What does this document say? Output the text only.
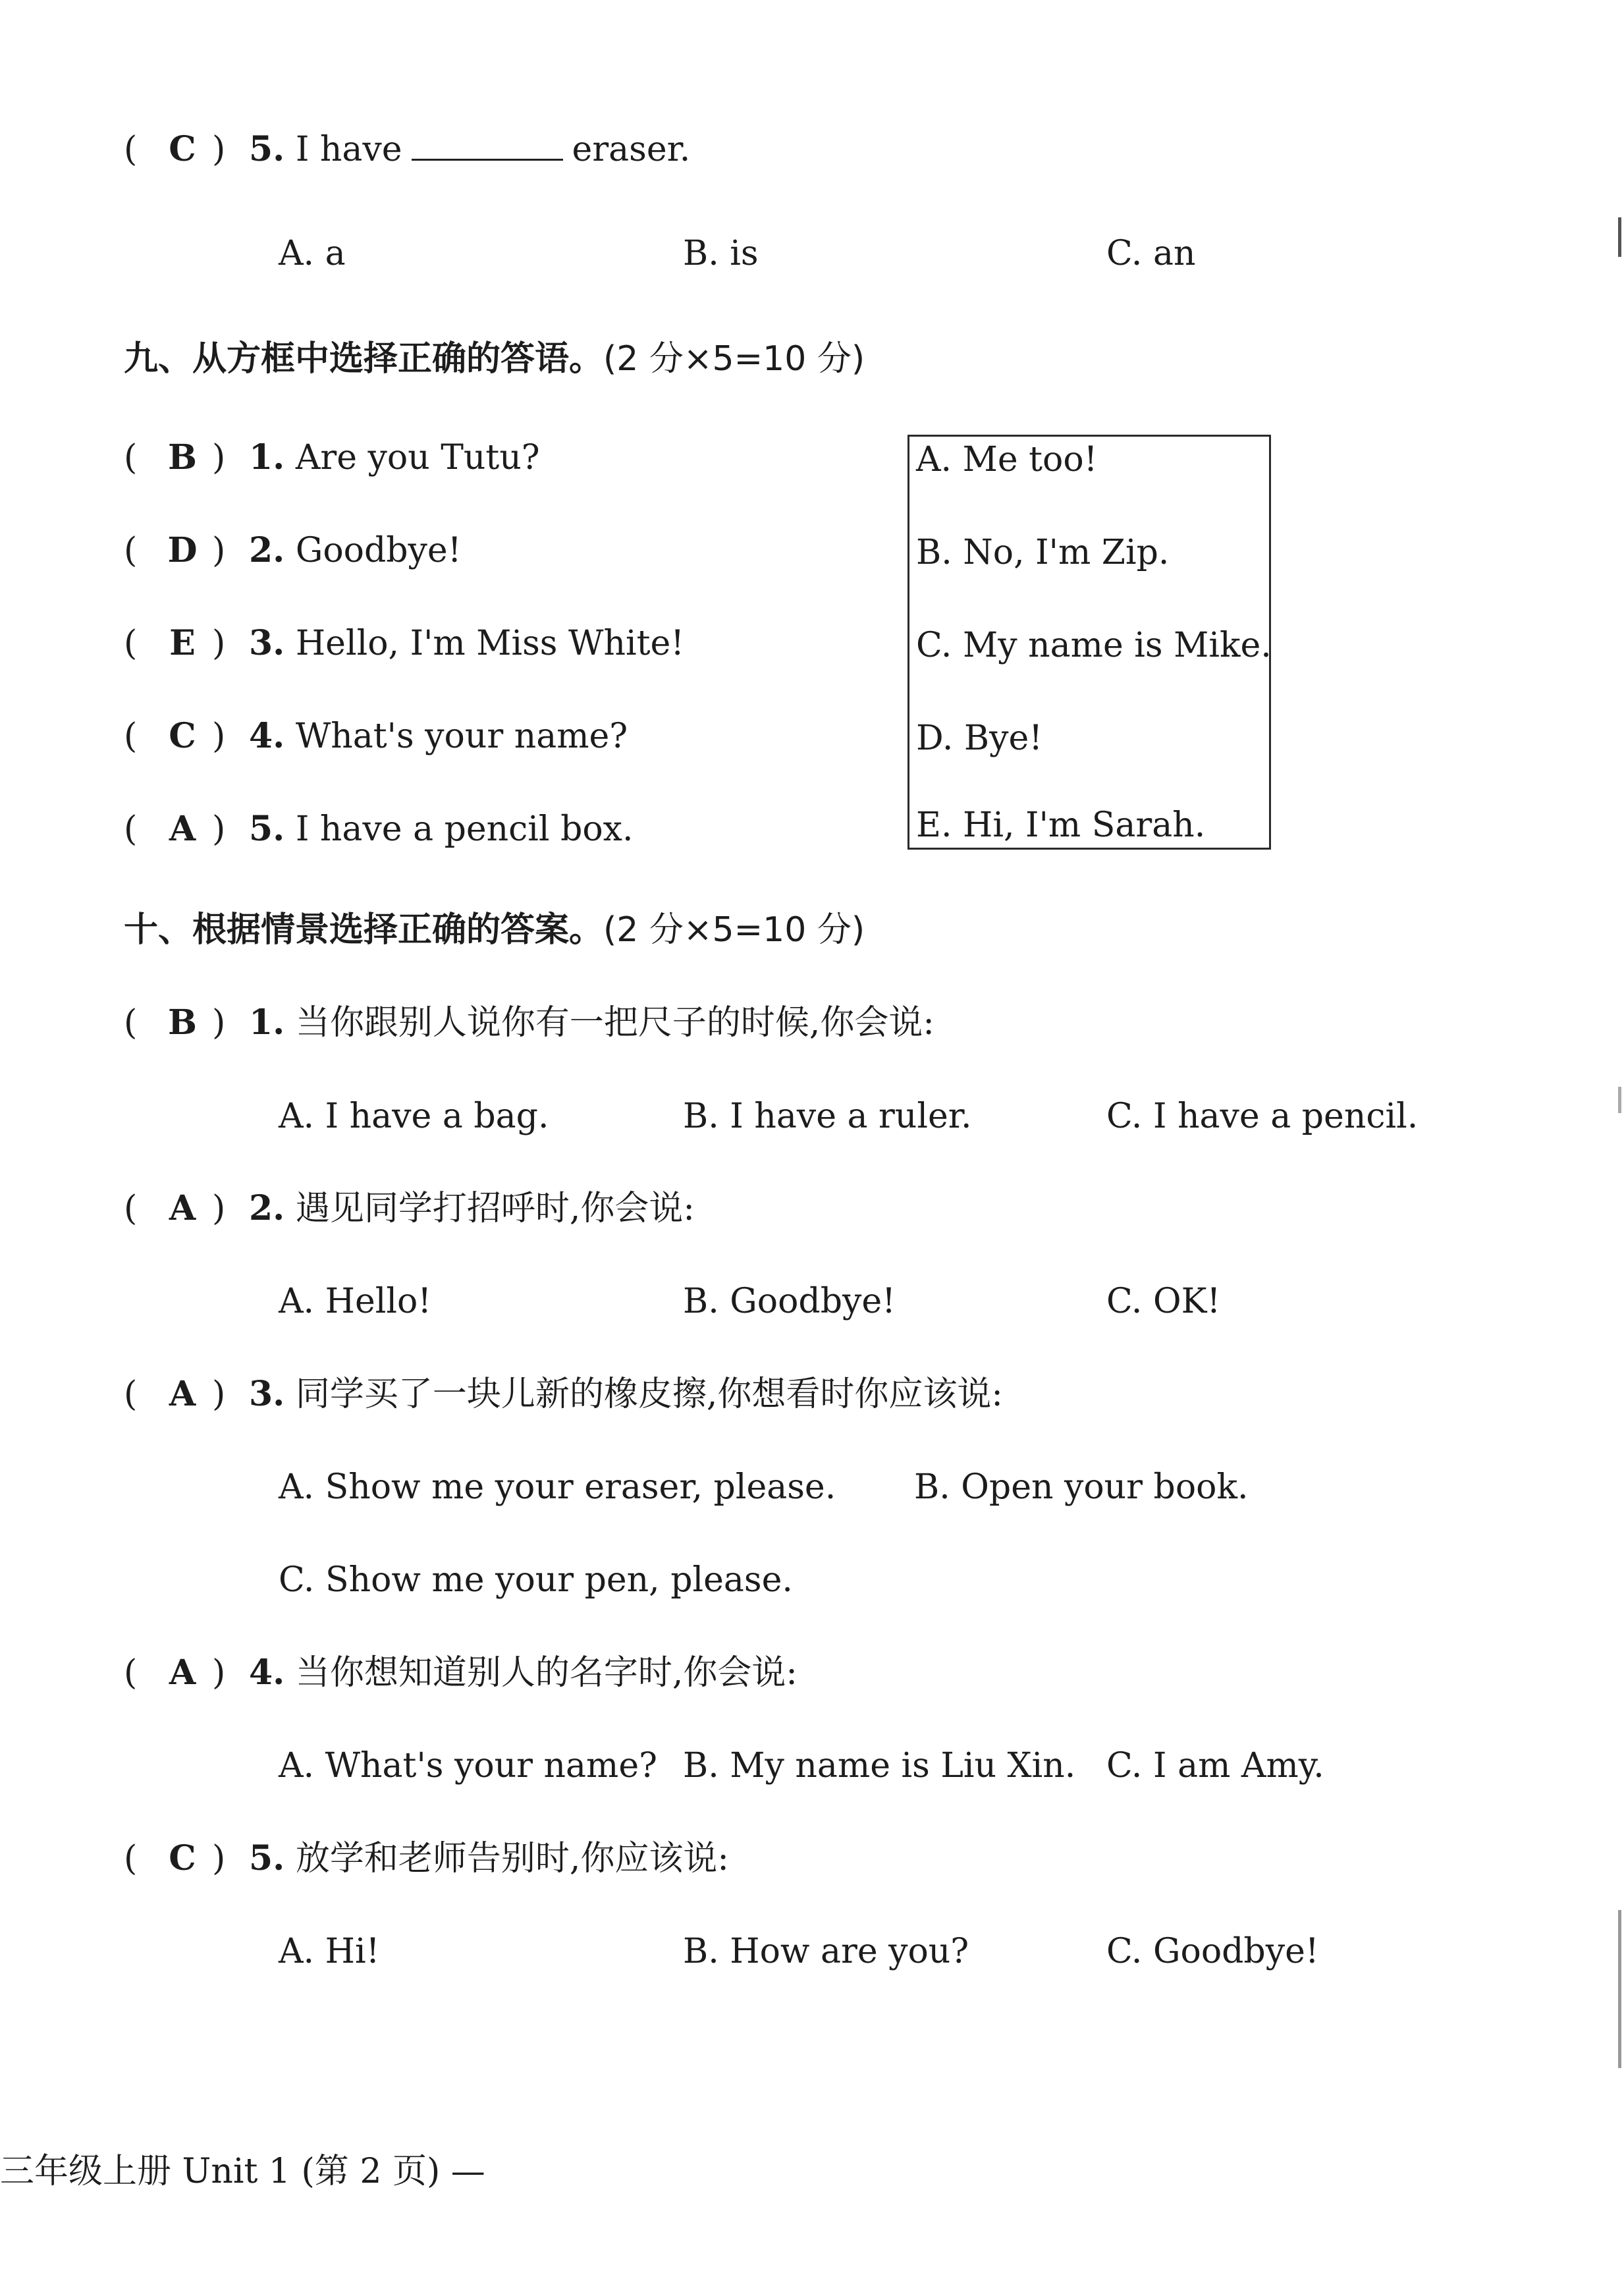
( C ) 5. I have	eraser.
A. a	B. is	C. an
九、从方框中选择正确的答语。(2 分×5=10 分)
( B ) 1. Are you Tutu?
( D ) 2. Goodbye!
( E ) 3. Hello, I'm Miss White!
( C ) 4. What's your name?
( A ) 5. I have a pencil box.
A. Me too!
B. No, I'm Zip.
C. My name is Mike.
D. Bye!
E. Hi, I'm Sarah.
十、根据情景选择正确的答案。(2 分×5=10 分)
( B ) 1. 当你跟别人说你有一把尺子的时候,你会说:
A. I have a bag.	B. I have a ruler.	C. I have a pencil.
( A ) 2. 遇见同学打招呼时,你会说:
A. Hello!	B. Goodbye!	C. OK!
( A ) 3. 同学买了一块儿新的橡皮擦,你想看时你应该说:
A. Show me your eraser, please. B. Open your book.
C. Show me your pen, please.
( A ) 4. 当你想知道别人的名字时,你会说:
A. What's your name? B. My name is Liu Xin. C. I am Amy.
( C ) 5. 放学和老师告别时,你应该说:
A. Hi!	B. How are you?	C. Goodbye!
三年级上册 Unit 1 (第 2 页) —
